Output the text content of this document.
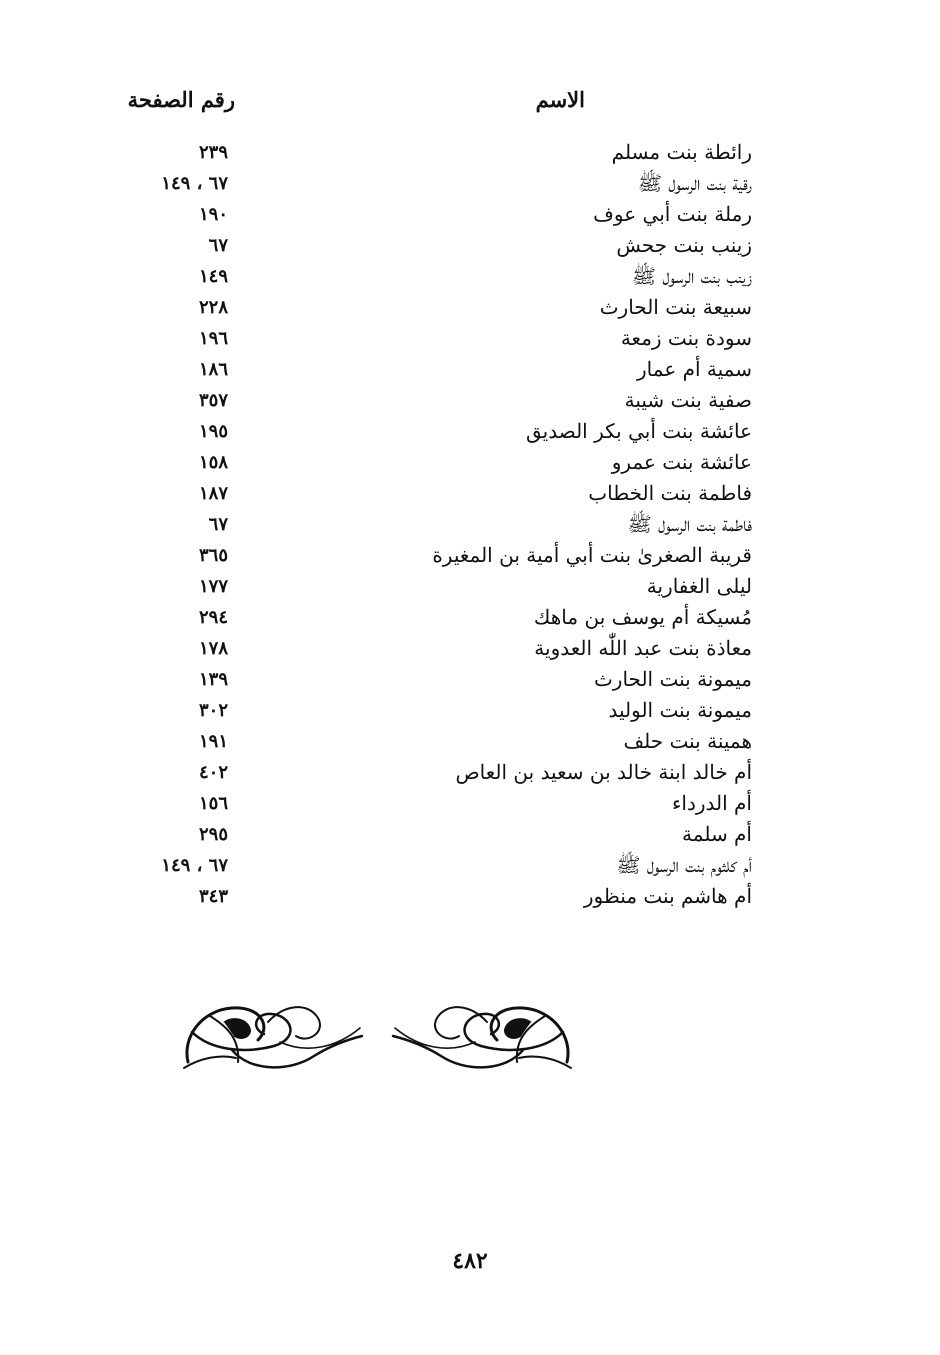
الاسم
رقم الصفحة
رائطة بنت مسلم
٢٣٩
رقية بنت الرسول ﷺ
٦٧ ، ١٤٩
رملة بنت أبي عوف
١٩٠
زينب بنت جحش
٦٧
زينب بنت الرسول ﷺ
١٤٩
سبيعة بنت الحارث
٢٢٨
سودة بنت زمعة
١٩٦
سمية أم عمار
١٨٦
صفية بنت شيبة
٣٥٧
عائشة بنت أبي بكر الصديق
١٩٥
عائشة بنت عمرو
١٥٨
فاطمة بنت الخطاب
١٨٧
فاطمة بنت الرسول ﷺ
٦٧
قريبة الصغرىٰ بنت أبي أمية بن المغيرة
٣٦٥
ليلى الغفارية
١٧٧
مُسيكة أم يوسف بن ماهك
٢٩٤
معاذة بنت عبد اللّٰه العدوية
١٧٨
ميمونة بنت الحارث
١٣٩
ميمونة بنت الوليد
٣٠٢
همينة بنت حلف
١٩١
أم خالد ابنة خالد بن سعيد بن العاص
٤٠٢
أم الدرداء
١٥٦
أم سلمة
٢٩٥
أم كلثوم بنت الرسول ﷺ
٦٧ ، ١٤٩
أم هاشم بنت منظور
٣٤٣
٤٨٢
